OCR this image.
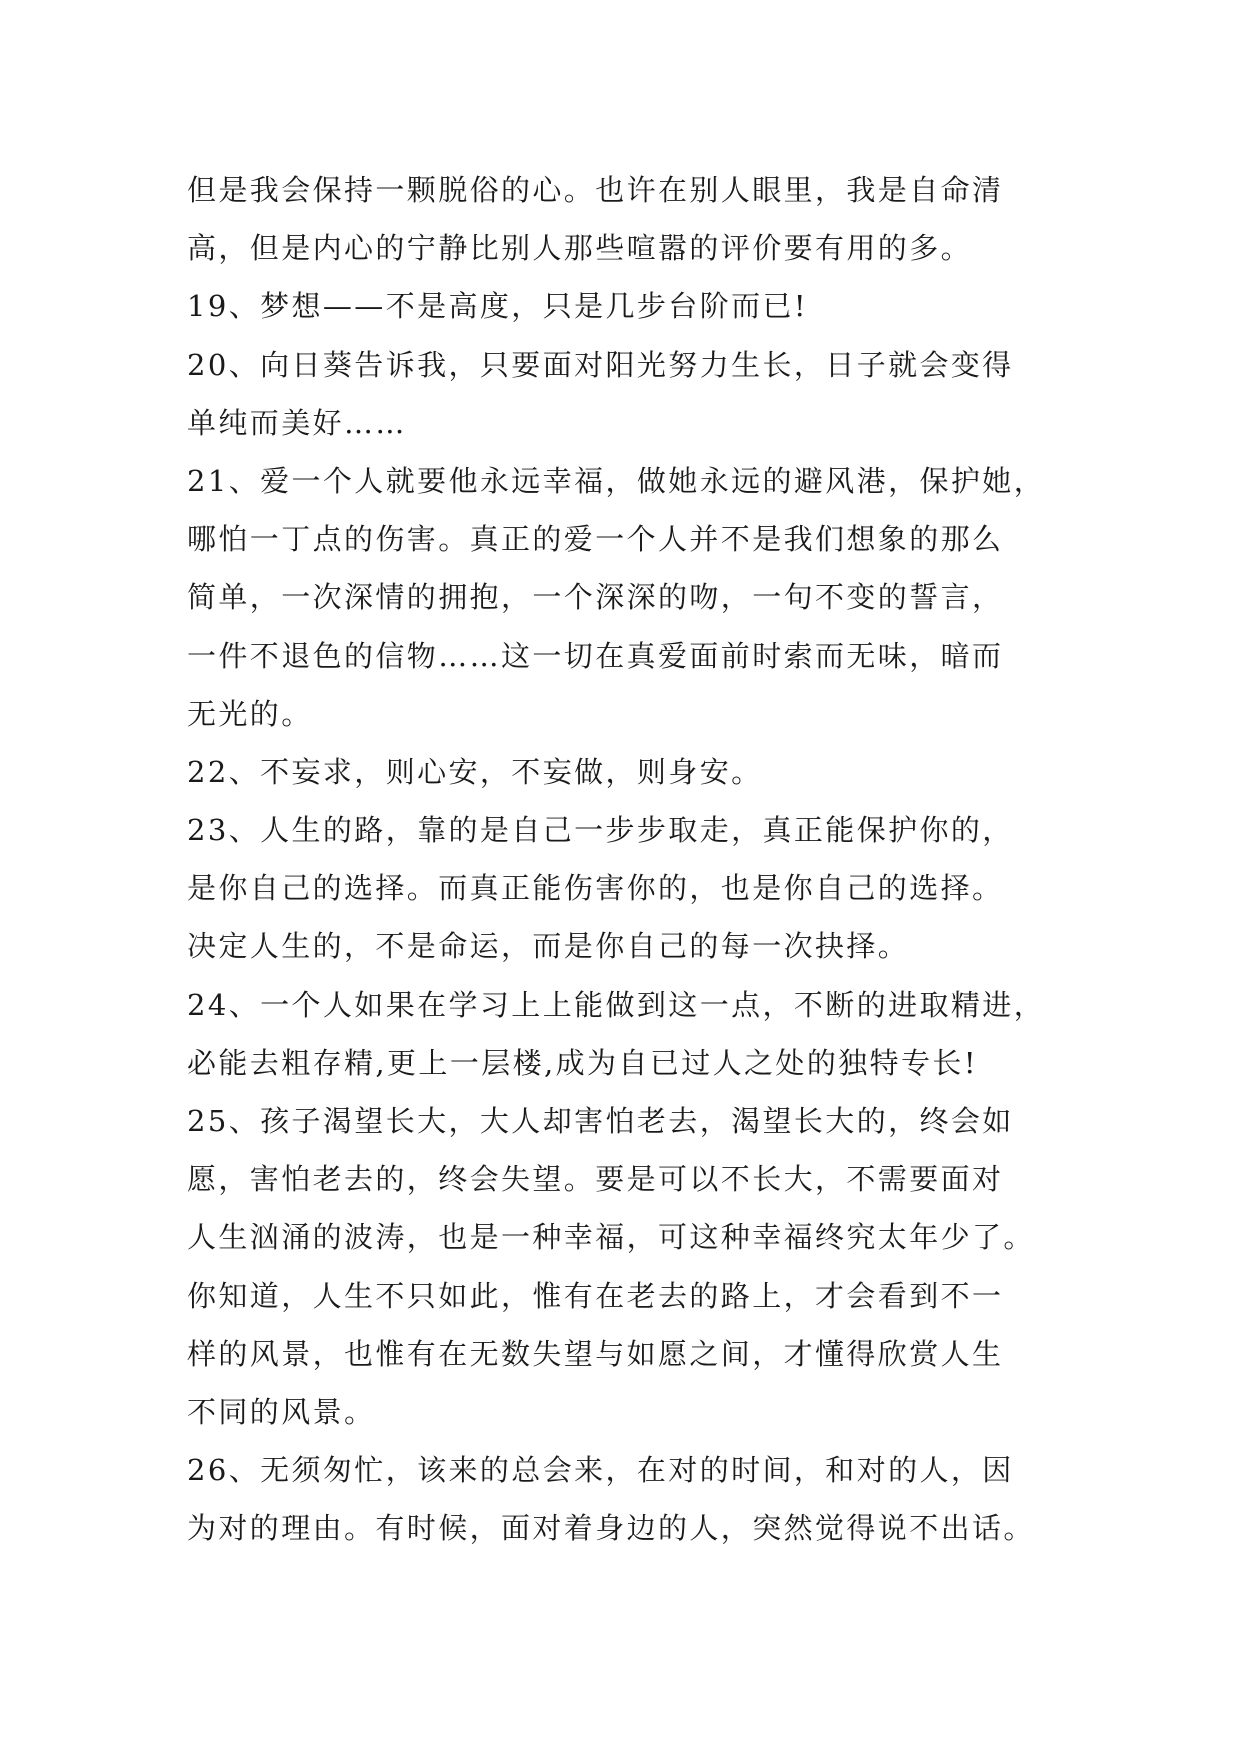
但是我会保持一颗脱俗的心。也许在别人眼里，我是自命清
高，但是内心的宁静比别人那些喧嚣的评价要有用的多。
19、梦想——不是高度，只是几步台阶而已!
20、向日葵告诉我，只要面对阳光努力生长，日子就会变得
单纯而美好……
21、爱一个人就要他永远幸福，做她永远的避风港，保护她，
哪怕一丁点的伤害。真正的爱一个人并不是我们想象的那么
简单，一次深情的拥抱，一个深深的吻，一句不变的誓言，
一件不退色的信物……这一切在真爱面前时索而无味，暗而
无光的。
22、不妄求，则心安，不妄做，则身安。
23、人生的路，靠的是自己一步步取走，真正能保护你的，
是你自己的选择。而真正能伤害你的，也是你自己的选择。
决定人生的，不是命运，而是你自己的每一次抉择。
24、一个人如果在学习上上能做到这一点，不断的进取精进，
必能去粗存精,更上一层楼,成为自已过人之处的独特专长!
25、孩子渴望长大，大人却害怕老去，渴望长大的，终会如
愿，害怕老去的，终会失望。要是可以不长大，不需要面对
人生汹涌的波涛，也是一种幸福，可这种幸福终究太年少了。
你知道，人生不只如此，惟有在老去的路上，才会看到不一
样的风景，也惟有在无数失望与如愿之间，才懂得欣赏人生
不同的风景。
26、无须匆忙，该来的总会来，在对的时间，和对的人，因
为对的理由。有时候，面对着身边的人，突然觉得说不出话。
